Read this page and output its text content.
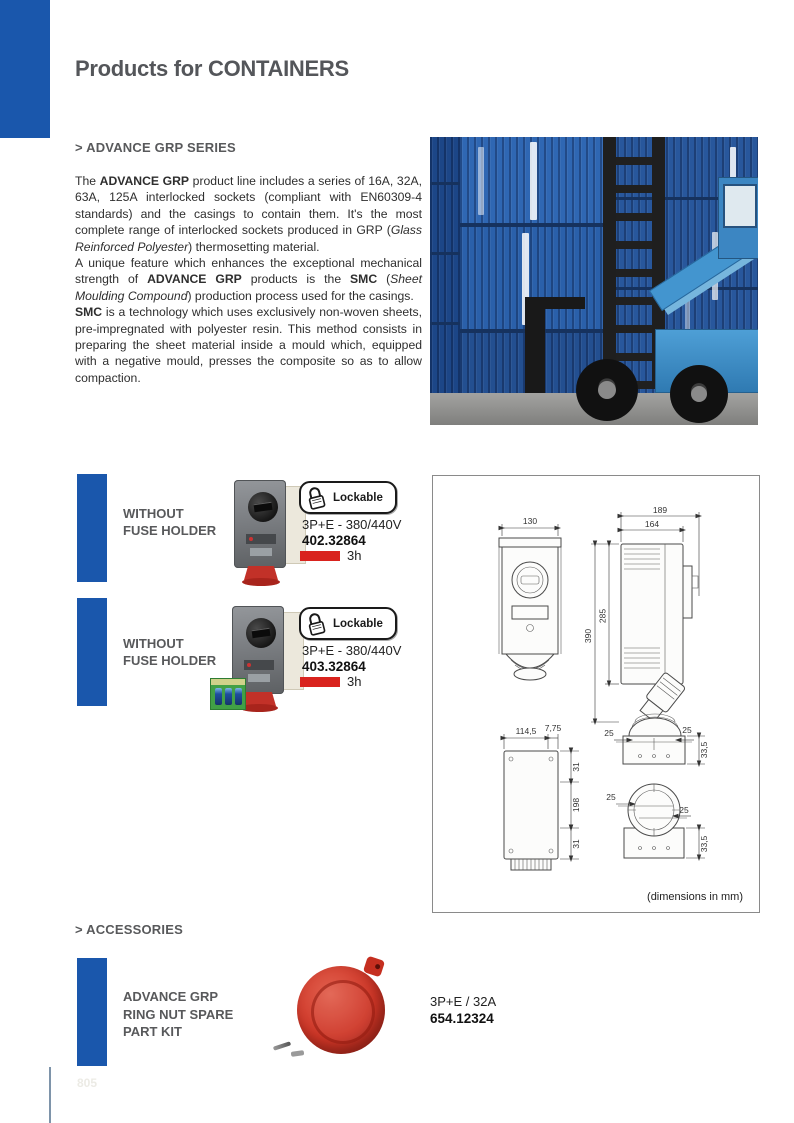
Products for CONTAINERS
> ADVANCE GRP SERIES

The ADVANCE GRP product line includes a series of 16A, 32A, 63A, 125A interlocked sockets (compliant with EN60309-4 standards) and the casings to contain them. It's the most complete range of interlocked sockets produced in GRP (Glass Reinforced Polyester) thermosetting material.

A unique feature which enhances the exceptional mechanical strength of ADVANCE GRP products is the SMC (Sheet Moulding Compound) production process used for the casings.

SMC is a technology which uses exclusively non-woven sheets, pre-impregnated with polyester resin. This method consists in preparing the sheet material inside a mould which, equipped with a negative mould, presses the composite so as to allow compaction.

WITHOUT
FUSE HOLDER
Lockable
3P+E - 380/440V
402.32864
3h
WITHOUT
FUSE HOLDER
Lockable
3P+E - 380/440V
403.32864
3h
130
189
164
390
285
114,5 7,75
31
198
31
25	25
33,5
25
25
33,5
(dimensions in mm)
> ACCESSORIES
ADVANCE GRP
RING NUT SPARE
PART KIT
3P+E / 32A
654.12324
805
